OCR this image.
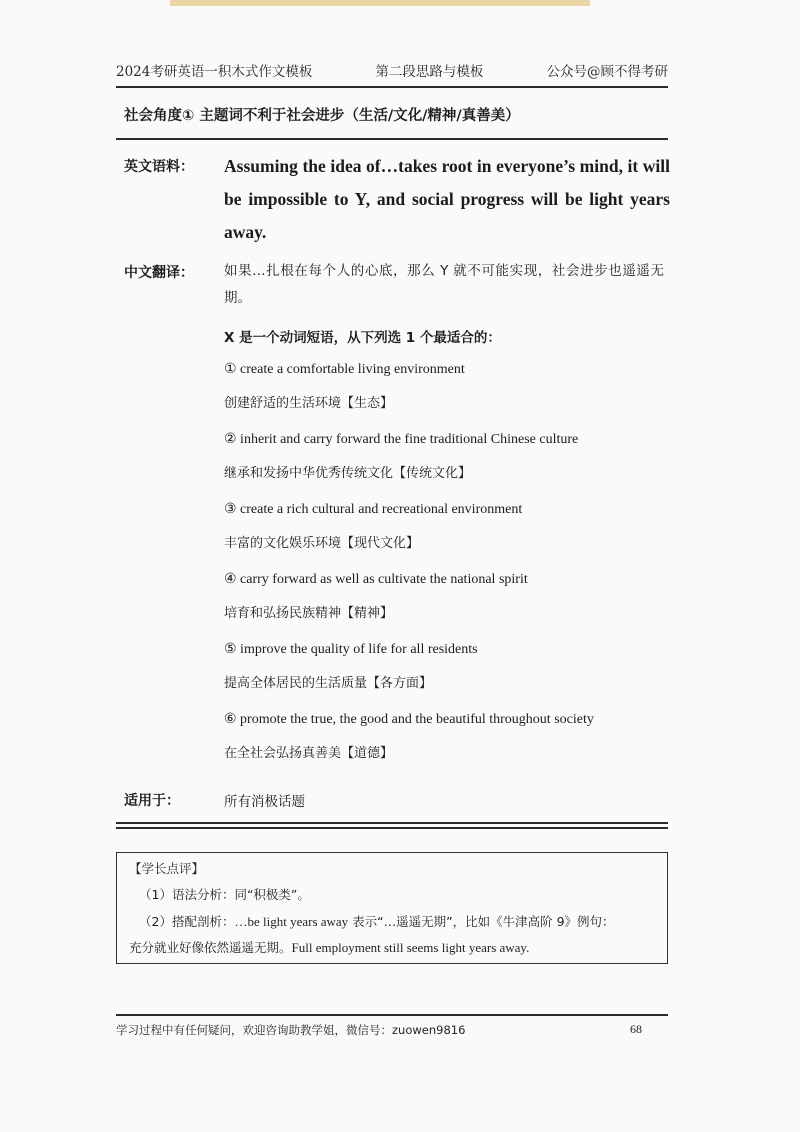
2024考研英语一积木式作文模板	第二段思路与模板	公众号@顾不得考研
社会角度① 主题词不利于社会进步（生活/文化/精神/真善美）
英文语料： Assuming the idea of…takes root in everyone’s mind, it will be impossible to Y, and social progress will be light years away.
中文翻译： 如果…扎根在每个人的心底，那么 Y 就不可能实现，社会进步也遥遥无期。
X 是一个动词短语，从下列选 1 个最适合的：
① create a comfortable living environment
创建舒适的生活环境【生态】
② inherit and carry forward the fine traditional Chinese culture
继承和发扬中华优秀传统文化【传统文化】
③ create a rich cultural and recreational environment
丰富的文化娱乐环境【现代文化】
④ carry forward as well as cultivate the national spirit
培育和弘扬民族精神【精神】
⑤ improve the quality of life for all residents
提高全体居民的生活质量【各方面】
⑥ promote the true, the good and the beautiful throughout society
在全社会弘扬真善美【道德】
适用于：	所有消极话题
【学长点评】
（1）语法分析：同“积极类”。
（2）搭配剖析：…be light years away 表示“…遥遥无期”，比如《牛津高阶 9》例句：
充分就业好像依然遥遥无期。Full employment still seems light years away.
学习过程中有任何疑问，欢迎咨询助教学姐，微信号：zuowen9816	68
